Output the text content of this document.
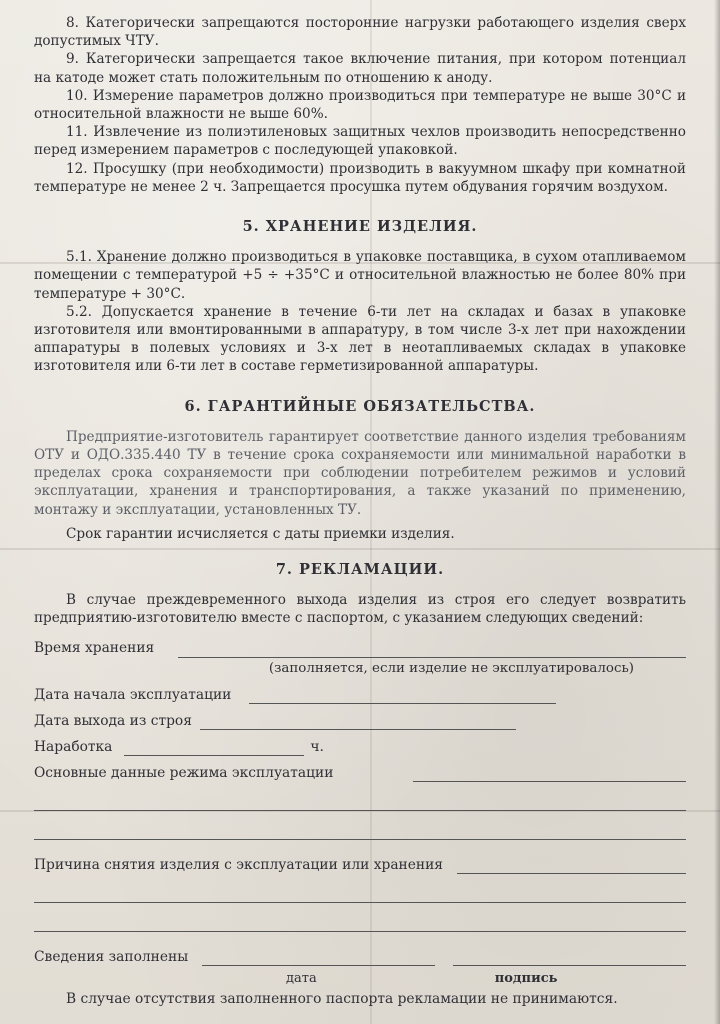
8. Категорически запрещаются посторонние нагрузки работающего изделия сверх допустимых ЧТУ.

9. Категорически запрещается такое включение питания, при котором потенциал на катоде может стать положительным по отношению к аноду.

10. Измерение параметров должно производиться при температуре не выше 30°С и относительной влажности не выше 60%.

11. Извлечение из полиэтиленовых защитных чехлов производить непосредственно перед измерением параметров с последующей упаковкой.

12. Просушку (при необходимости) производить в вакуумном шкафу при комнатной температуре не менее 2 ч. Запрещается просушка путем обдувания горячим воздухом.

5. ХРАНЕНИЕ ИЗДЕЛИЯ.

5.1. Хранение должно производиться в упаковке поставщика, в сухом отапливаемом помещении с температурой +5 ÷ +35°С и относительной влажностью не более 80% при температуре + 30°С.

5.2. Допускается хранение в течение 6-ти лет на складах и базах в упаковке изготовителя или вмонтированными в аппаратуру, в том числе 3-х лет при нахождении аппаратуры в полевых условиях и 3-х лет в неотапливаемых складах в упаковке изготовителя или 6-ти лет в составе герметизированной аппаратуры.

6. ГАРАНТИЙНЫЕ ОБЯЗАТЕЛЬСТВА.

Предприятие-изготовитель гарантирует соответствие данного изделия требованиям ОТУ и ОДО.335.440 ТУ в течение срока сохраняемости или минимальной наработки в пределах срока сохраняемости при соблюдении потребителем режимов и условий эксплуатации, хранения и транспортирования, а также указаний по применению, монтажу и эксплуатации, установленных ТУ.

Срок гарантии исчисляется с даты приемки изделия.

7. РЕКЛАМАЦИИ.

В случае преждевременного выхода изделия из строя его следует возвратить предприятию-изготовителю вместе с паспортом, с указанием следующих сведений:

Время хранения
(заполняется, если изделие не эксплуатировалось)
Дата начала эксплуатации
Дата выхода из строя
Наработка	ч.
Основные данные режима эксплуатации
Причина снятия изделия с эксплуатации или хранения
Сведения заполнены
дата	подпись

В случае отсутствия заполненного паспорта рекламации не принимаются.
